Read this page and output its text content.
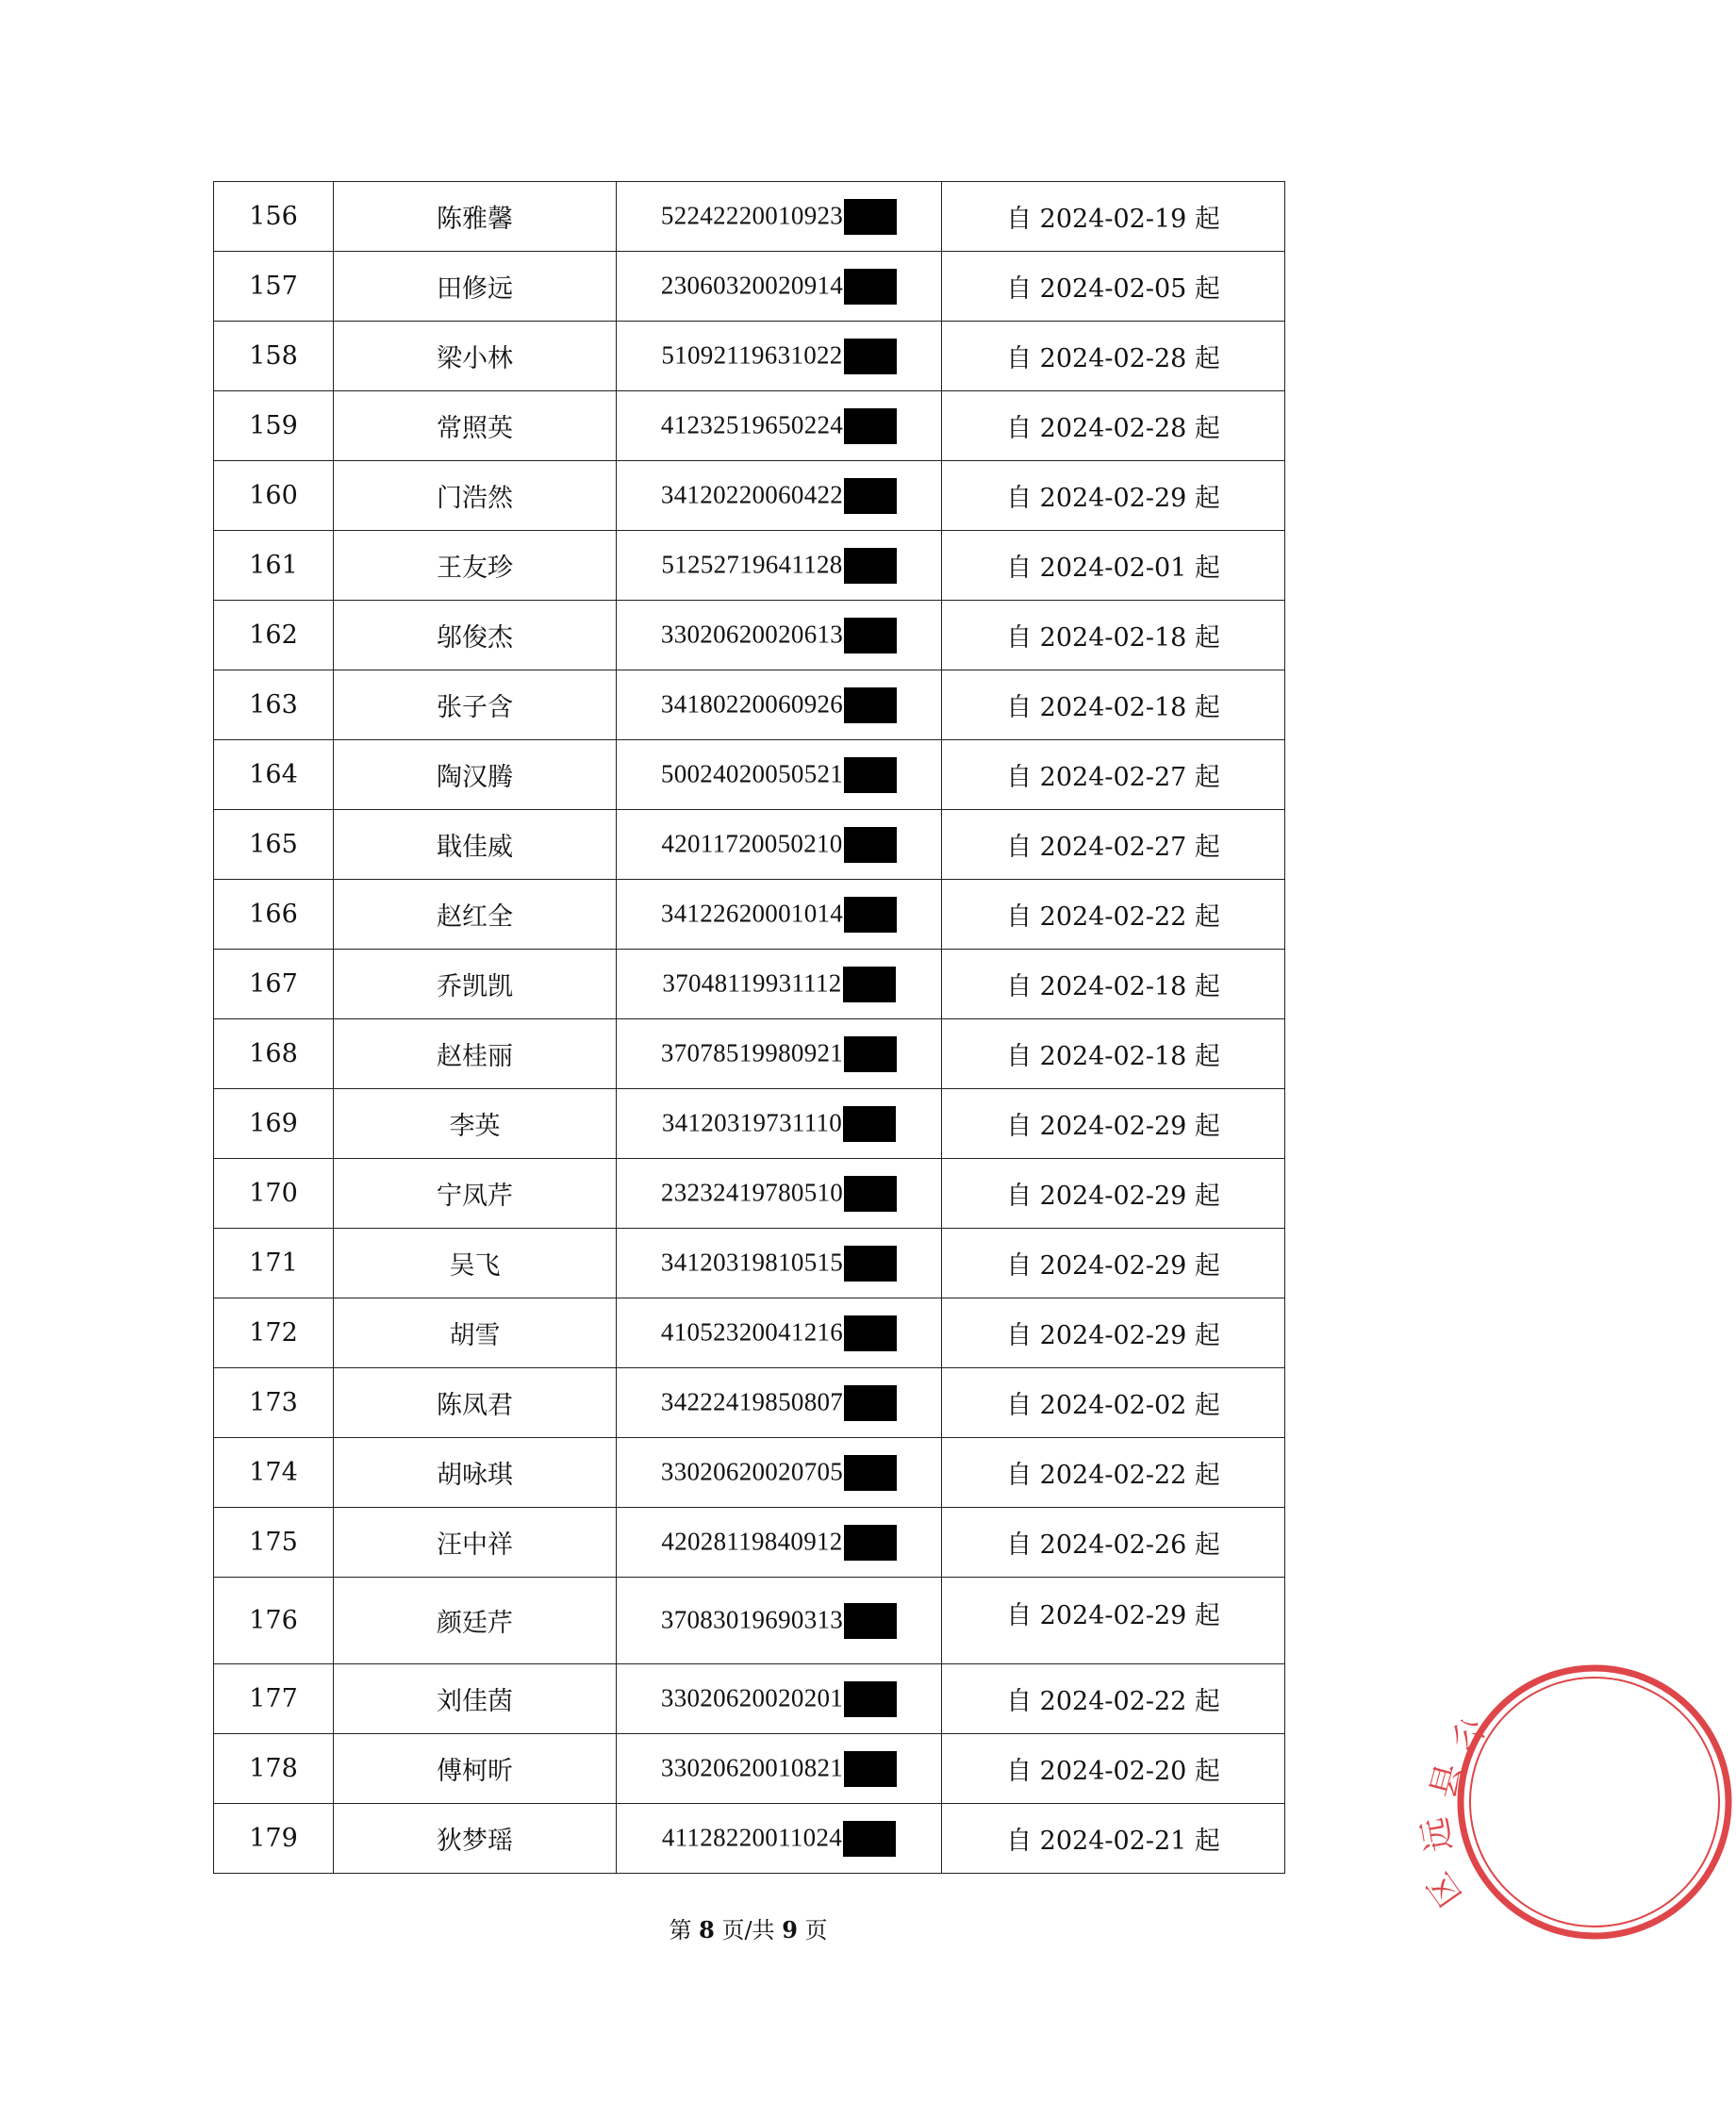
156	陈雅馨	52242220010923	自 2024-02-19 起
157	田修远	23060320020914	自 2024-02-05 起
158	梁小林	51092119631022	自 2024-02-28 起
159	常照英	41232519650224	自 2024-02-28 起
160	门浩然	34120220060422	自 2024-02-29 起
161	王友珍	51252719641128	自 2024-02-01 起
162	邬俊杰	33020620020613	自 2024-02-18 起
163	张子含	34180220060926	自 2024-02-18 起
164	陶汉腾	50024020050521	自 2024-02-27 起
165	戢佳威	42011720050210	自 2024-02-27 起
166	赵红全	34122620001014	自 2024-02-22 起
167	乔凯凯	37048119931112	自 2024-02-18 起
168	赵桂丽	37078519980921	自 2024-02-18 起
169	李英	34120319731110	自 2024-02-29 起
170	宁凤芹	23232419780510	自 2024-02-29 起
171	吴飞	34120319810515	自 2024-02-29 起
172	胡雪	41052320041216	自 2024-02-29 起
173	陈凤君	34222419850807	自 2024-02-02 起
174	胡咏琪	33020620020705	自 2024-02-22 起
175	汪中祥	42028119840912	自 2024-02-26 起
176	颜廷芹	37083019690313	自 2024-02-29 起
177	刘佳茵	33020620020201	自 2024-02-22 起
178	傅柯昕	33020620010821	自 2024-02-20 起
179	狄梦瑶	41128220011024	自 2024-02-21 起
第 8 页/共 9 页
公
县
远
区
